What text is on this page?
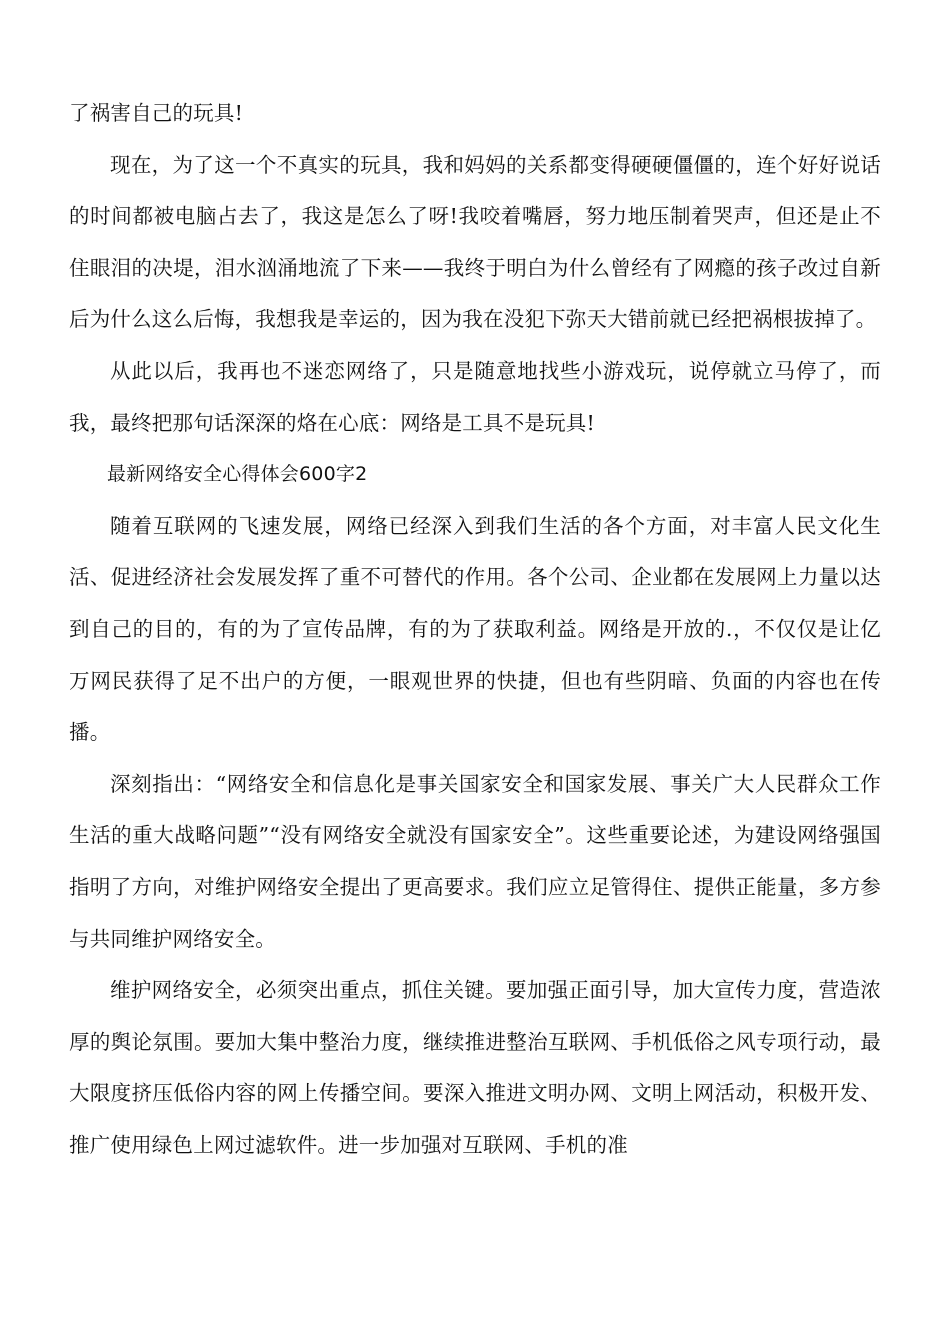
了祸害自己的玩具!

现在，为了这一个不真实的玩具，我和妈妈的关系都变得硬硬僵僵的，连个好好说话的时间都被电脑占去了，我这是怎么了呀!我咬着嘴唇，努力地压制着哭声，但还是止不住眼泪的决堤，泪水汹涌地流了下来——我终于明白为什么曾经有了网瘾的孩子改过自新后为什么这么后悔，我想我是幸运的，因为我在没犯下弥天大错前就已经把祸根拔掉了。

从此以后，我再也不迷恋网络了，只是随意地找些小游戏玩，说停就立马停了，而我，最终把那句话深深的烙在心底：网络是工具不是玩具!

最新网络安全心得体会600字2

随着互联网的飞速发展，网络已经深入到我们生活的各个方面，对丰富人民文化生活、促进经济社会发展发挥了重不可替代的作用。各个公司、企业都在发展网上力量以达到自己的目的，有的为了宣传品牌，有的为了获取利益。网络是开放的.，不仅仅是让亿万网民获得了足不出户的方便，一眼观世界的快捷，但也有些阴暗、负面的内容也在传播。

深刻指出：“网络安全和信息化是事关国家安全和国家发展、事关广大人民群众工作生活的重大战略问题”“没有网络安全就没有国家安全”。这些重要论述，为建设网络强国指明了方向，对维护网络安全提出了更高要求。我们应立足管得住、提供正能量，多方参与共同维护网络安全。

维护网络安全，必须突出重点，抓住关键。要加强正面引导，加大宣传力度，营造浓厚的舆论氛围。要加大集中整治力度，继续推进整治互联网、手机低俗之风专项行动，最大限度挤压低俗内容的网上传播空间。要深入推进文明办网、文明上网活动，积极开发、推广使用绿色上网过滤软件。进一步加强对互联网、手机的准
